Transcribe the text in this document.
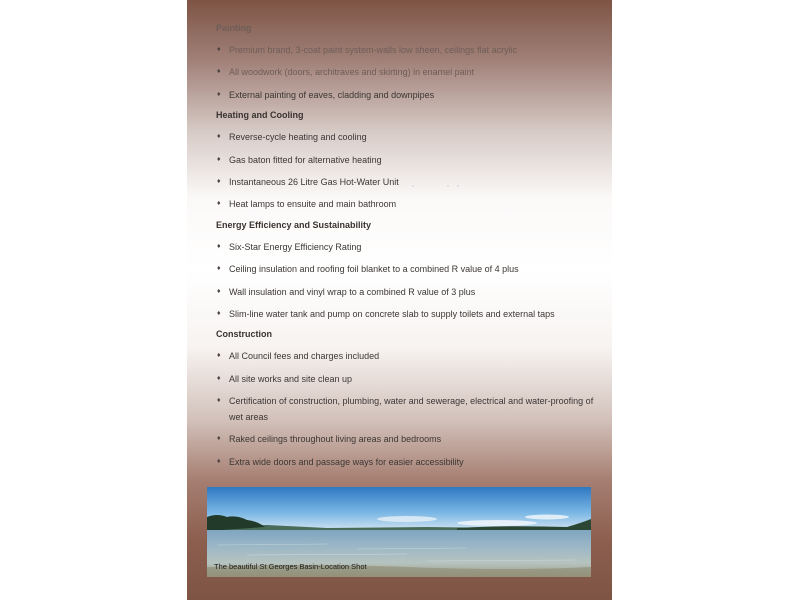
Painting
♦ Premium brand, 3-coat paint system-walls low sheen, ceilings flat acrylic
♦ All woodwork (doors, architraves and skirting) in enamel paint
♦ External painting of eaves, cladding and downpipes
Heating and Cooling
♦ Reverse-cycle heating and cooling
♦ Gas baton fitted for alternative heating
♦ Instantaneous 26 Litre Gas Hot-Water Unit
♦ Heat lamps to ensuite and main bathroom
Energy Efficiency and Sustainability
♦ Six-Star Energy Efficiency Rating
♦ Ceiling insulation and roofing foil blanket to a combined R value of 4 plus
♦ Wall insulation and vinyl wrap to a combined R value of 3 plus
♦ Slim-line water tank and pump on concrete slab to supply toilets and external taps
Construction
♦ All Council fees and charges included
♦ All site works and site clean up
♦ Certification of construction, plumbing, water and sewerage, electrical and water-proofing of wet areas
♦ Raked ceilings throughout living areas and bedrooms
♦ Extra wide doors and passage ways for easier accessibility
The beautiful St Georges Basin-Location Shot
